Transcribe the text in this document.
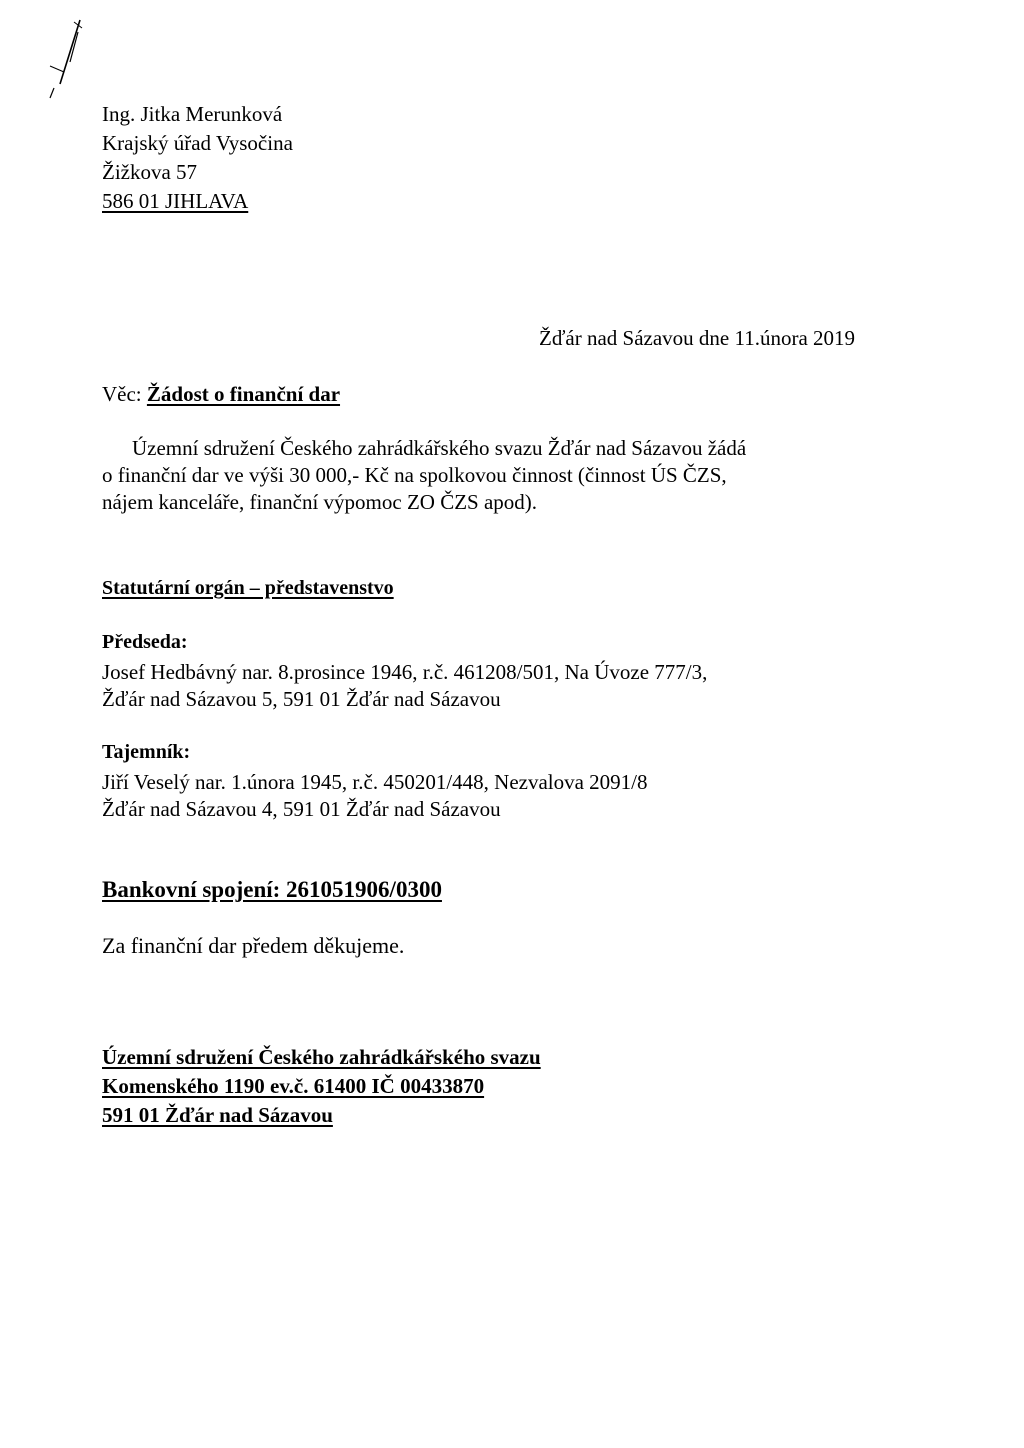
Ing. Jitka Merunková
Krajský úřad Vysočina
Žižkova 57
586 01 JIHLAVA
Žďár nad Sázavou dne 11.února 2019
Věc: Žádost o finanční dar
Územní sdružení Českého zahrádkářského svazu Žďár nad Sázavou žádá
o finanční dar ve výši 30 000,- Kč na spolkovou činnost (činnost ÚS ČZS,
nájem kanceláře, finanční výpomoc ZO ČZS apod).
Statutární orgán – představenstvo
Předseda:
Josef Hedbávný nar. 8.prosince 1946, r.č. 461208/501, Na Úvoze 777/3,
Žďár nad Sázavou 5, 591 01 Žďár nad Sázavou
Tajemník:
Jiří Veselý nar. 1.února 1945, r.č. 450201/448, Nezvalova 2091/8
Žďár nad Sázavou 4, 591 01 Žďár nad Sázavou
Bankovní spojení: 261051906/0300
Za finanční dar předem děkujeme.
Územní sdružení Českého zahrádkářského svazu
Komenského 1190 ev.č. 61400 IČ 00433870
591 01 Žďár nad Sázavou
